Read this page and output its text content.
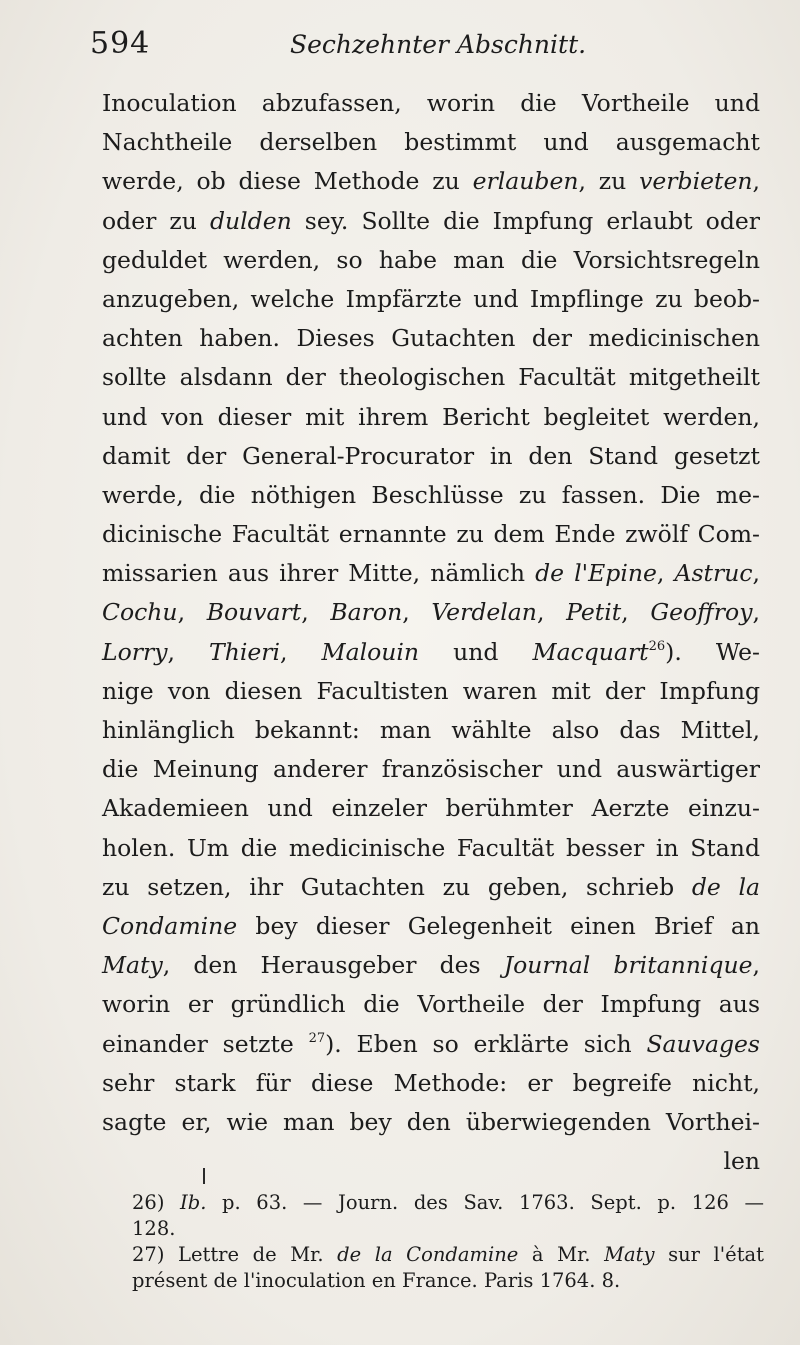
594	Sechzehnter Abschnitt.
Inoculation abzufassen, worin die Vortheile und
Nachtheile derselben bestimmt und ausgemacht
werde, ob diese Methode zu erlauben, zu verbieten,
oder zu dulden sey. Sollte die Impfung erlaubt oder
geduldet werden, so habe man die Vorsichtsregeln
anzugeben, welche Impfärzte und Impflinge zu beob-
achten haben. Dieses Gutachten der medicinischen
sollte alsdann der theologischen Facultät mitgetheilt
und von dieser mit ihrem Bericht begleitet werden,
damit der General-Procurator in den Stand gesetzt
werde, die nöthigen Beschlüsse zu fassen. Die me-
dicinische Facultät ernannte zu dem Ende zwölf Com-
missarien aus ihrer Mitte, nämlich de l'Epine, Astruc,
Cochu, Bouvart, Baron, Verdelan, Petit, Geoffroy,
Lorry, Thieri, Malouin und Macquart$^{26}$). We-
nige von diesen Facultisten waren mit der Impfung
hinlänglich bekannt: man wählte also das Mittel,
die Meinung anderer französischer und auswärtiger
Akademieen und einzeler berühmter Aerzte einzu-
holen. Um die medicinische Facultät besser in Stand
zu setzen, ihr Gutachten zu geben, schrieb de la
Condamine bey dieser Gelegenheit einen Brief an
Maty, den Herausgeber des Journal britannique,
worin er gründlich die Vortheile der Impfung aus
einander setzte $^{27}$). Eben so erklärte sich Sauvages
sehr stark für diese Methode: er begreife nicht,
sagte er, wie man bey den überwiegenden Vorthei-
len
26) Ib. p. 63. — Journ. des Sav. 1763. Sept. p. 126 —
128.
27) Lettre de Mr. de la Condamine à Mr. Maty sur l'état
présent de l'inoculation en France. Paris 1764. 8.
